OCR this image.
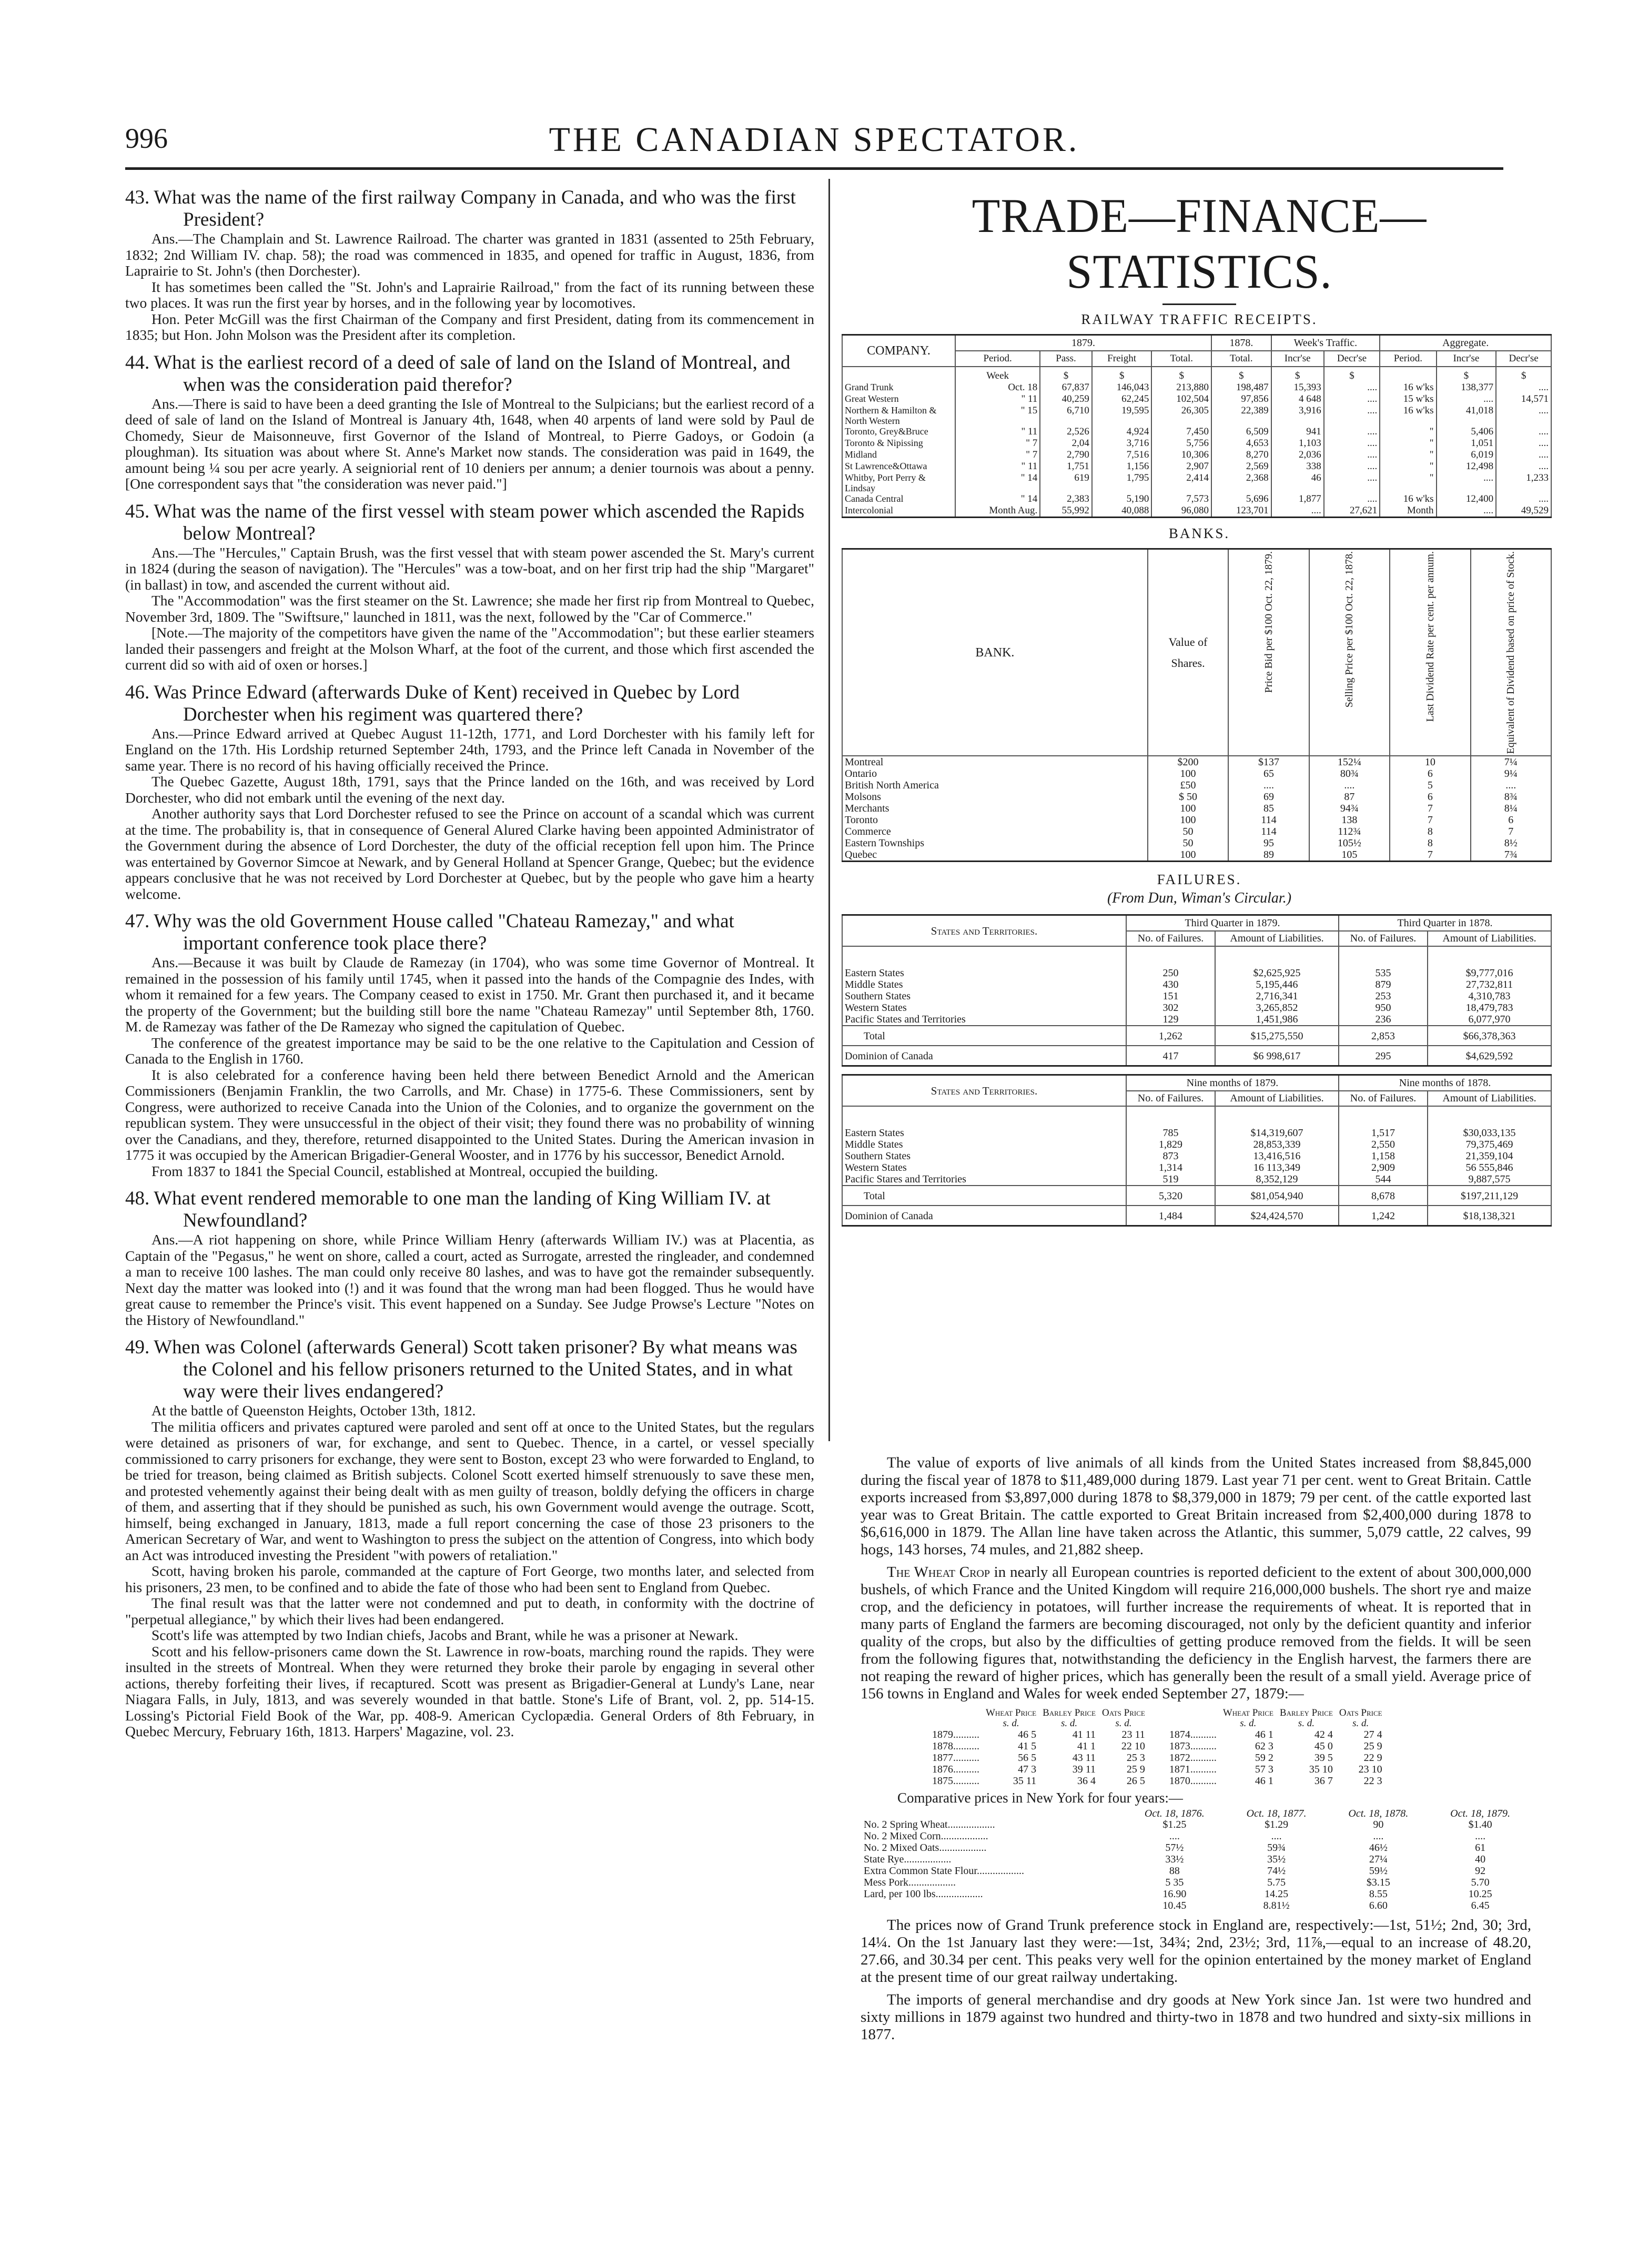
996	THE CANADIAN SPECTATOR.
43. What was the name of the first railway Company in Canada, and who was the first President?

Ans.—The Champlain and St. Lawrence Railroad. The charter was granted in 1831 (assented to 25th February, 1832; 2nd William IV. chap. 58); the road was commenced in 1835, and opened for traffic in August, 1836, from Laprairie to St. John's (then Dorchester).

It has sometimes been called the "St. John's and Laprairie Railroad," from the fact of its running between these two places. It was run the first year by horses, and in the following year by locomotives.

Hon. Peter McGill was the first Chairman of the Company and first President, dating from its commencement in 1835; but Hon. John Molson was the President after its completion.

44. What is the earliest record of a deed of sale of land on the Island of Montreal, and when was the consideration paid therefor?

Ans.—There is said to have been a deed granting the Isle of Montreal to the Sulpicians; but the earliest record of a deed of sale of land on the Island of Montreal is January 4th, 1648, when 40 arpents of land were sold by Paul de Chomedy, Sieur de Maisonneuve, first Governor of the Island of Montreal, to Pierre Gadoys, or Godoin (a ploughman). Its situation was about where St. Anne's Market now stands. The consideration was paid in 1649, the amount being ¼ sou per acre yearly. A seigniorial rent of 10 deniers per annum; a denier tournois was about a penny. [One correspondent says that "the consideration was never paid."]

45. What was the name of the first vessel with steam power which ascended the Rapids below Montreal?

Ans.—The "Hercules," Captain Brush, was the first vessel that with steam power ascended the St. Mary's current in 1824 (during the season of navigation). The "Hercules" was a tow-boat, and on her first trip had the ship "Margaret" (in ballast) in tow, and ascended the current without aid.

The "Accommodation" was the first steamer on the St. Lawrence; she made her first rip from Montreal to Quebec, November 3rd, 1809. The "Swiftsure," launched in 1811, was the next, followed by the "Car of Commerce."

[Note.—The majority of the competitors have given the name of the "Accommodation"; but these earlier steamers landed their passengers and freight at the Molson Wharf, at the foot of the current, and those which first ascended the current did so with aid of oxen or horses.]

46. Was Prince Edward (afterwards Duke of Kent) received in Quebec by Lord Dorchester when his regiment was quartered there?

Ans.—Prince Edward arrived at Quebec August 11-12th, 1771, and Lord Dorchester with his family left for England on the 17th. His Lordship returned September 24th, 1793, and the Prince left Canada in November of the same year. There is no record of his having officially received the Prince.

The Quebec Gazette, August 18th, 1791, says that the Prince landed on the 16th, and was received by Lord Dorchester, who did not embark until the evening of the next day.

Another authority says that Lord Dorchester refused to see the Prince on account of a scandal which was current at the time. The probability is, that in consequence of General Alured Clarke having been appointed Administrator of the Government during the absence of Lord Dorchester, the duty of the official reception fell upon him. The Prince was entertained by Governor Simcoe at Newark, and by General Holland at Spencer Grange, Quebec; but the evidence appears conclusive that he was not received by Lord Dorchester at Quebec, but by the people who gave him a hearty welcome.

47. Why was the old Government House called "Chateau Ramezay," and what important conference took place there?

Ans.—Because it was built by Claude de Ramezay (in 1704), who was some time Governor of Montreal. It remained in the possession of his family until 1745, when it passed into the hands of the Compagnie des Indes, with whom it remained for a few years. The Company ceased to exist in 1750. Mr. Grant then purchased it, and it became the property of the Government; but the building still bore the name "Chateau Ramezay" until September 8th, 1760. M. de Ramezay was father of the De Ramezay who signed the capitulation of Quebec.

The conference of the greatest importance may be said to be the one relative to the Capitulation and Cession of Canada to the English in 1760.

It is also celebrated for a conference having been held there between Benedict Arnold and the American Commissioners (Benjamin Franklin, the two Carrolls, and Mr. Chase) in 1775-6. These Commissioners, sent by Congress, were authorized to receive Canada into the Union of the Colonies, and to organize the government on the republican system. They were unsuccessful in the object of their visit; they found there was no probability of winning over the Canadians, and they, therefore, returned disappointed to the United States. During the American invasion in 1775 it was occupied by the American Brigadier-General Wooster, and in 1776 by his successor, Benedict Arnold.

From 1837 to 1841 the Special Council, established at Montreal, occupied the building.

48. What event rendered memorable to one man the landing of King William IV. at Newfoundland?

Ans.—A riot happening on shore, while Prince William Henry (afterwards William IV.) was at Placentia, as Captain of the "Pegasus," he went on shore, called a court, acted as Surrogate, arrested the ringleader, and condemned a man to receive 100 lashes. The man could only receive 80 lashes, and was to have got the remainder subsequently. Next day the matter was looked into (!) and it was found that the wrong man had been flogged. Thus he would have great cause to remember the Prince's visit. This event happened on a Sunday. See Judge Prowse's Lecture "Notes on the History of Newfoundland."

49. When was Colonel (afterwards General) Scott taken prisoner? By what means was the Colonel and his fellow prisoners returned to the United States, and in what way were their lives endangered?

At the battle of Queenston Heights, October 13th, 1812.

The militia officers and privates captured were paroled and sent off at once to the United States, but the regulars were detained as prisoners of war, for exchange, and sent to Quebec. Thence, in a cartel, or vessel specially commissioned to carry prisoners for exchange, they were sent to Boston, except 23 who were forwarded to England, to be tried for treason, being claimed as British subjects. Colonel Scott exerted himself strenuously to save these men, and protested vehemently against their being dealt with as men guilty of treason, boldly defying the officers in charge of them, and asserting that if they should be punished as such, his own Government would avenge the outrage. Scott, himself, being exchanged in January, 1813, made a full report concerning the case of those 23 prisoners to the American Secretary of War, and went to Washington to press the subject on the attention of Congress, into which body an Act was introduced investing the President "with powers of retaliation."

Scott, having broken his parole, commanded at the capture of Fort George, two months later, and selected from his prisoners, 23 men, to be confined and to abide the fate of those who had been sent to England from Quebec.

The final result was that the latter were not condemned and put to death, in conformity with the doctrine of "perpetual allegiance," by which their lives had been endangered.

Scott's life was attempted by two Indian chiefs, Jacobs and Brant, while he was a prisoner at Newark.

Scott and his fellow-prisoners came down the St. Lawrence in row-boats, marching round the rapids. They were insulted in the streets of Montreal. When they were returned they broke their parole by engaging in several other actions, thereby forfeiting their lives, if recaptured. Scott was present as Brigadier-General at Lundy's Lane, near Niagara Falls, in July, 1813, and was severely wounded in that battle. Stone's Life of Brant, vol. 2, pp. 514-15. Lossing's Pictorial Field Book of the War, pp. 408-9. American Cyclopædia. General Orders of 8th February, in Quebec Mercury, February 16th, 1813. Harpers' Magazine, vol. 23.

TRADE—FINANCE—STATISTICS.
RAILWAY TRAFFIC RECEIPTS.
COMPANY.	1879.				1878.	Week's Traffic.		Aggregate.		
	Period.	Pass.	Freight	Total.	Total.	Incr'se	Decr'se	Period.	Incr'se	Decr'se
	Week	$	$	$	$	$	$		$	$
Grand Trunk	Oct. 18	67,837	146,043	213,880	198,487	15,393	....	16 w'ks	138,377	....
Great Western	" 11	40,259	62,245	102,504	97,856	4 648	....	15 w'ks	....	14,571
Northern & Hamilton & North Western	" 15	6,710	19,595	26,305	22,389	3,916	....	16 w'ks	41,018	....
Toronto, Grey&Bruce	" 11	2,526	4,924	7,450	6,509	941	....	"	5,406	....
Toronto & Nipissing	" 7	2,04	3,716	5,756	4,653	1,103	....	"	1,051	....
Midland	" 7	2,790	7,516	10,306	8,270	2,036	....	"	6,019	....
St Lawrence&Ottawa	" 11	1,751	1,156	2,907	2,569	338	....	"	12,498	....
Whitby, Port Perry & Lindsay	" 14	619	1,795	2,414	2,368	46	....	"	....	1,233
Canada Central	" 14	2,383	5,190	7,573	5,696	1,877	....	16 w'ks	12,400	....
Intercolonial	Month Aug.	55,992	40,088	96,080	123,701	....	27,621	Month	....	49,529
BANKS.
BANK.	Value of Shares.	Price Bid per $100 Oct. 22, 1879.	Selling Price per $100 Oct. 22, 1878.	Last Dividend Rate per cent. per annum.	Equivalent of Dividend based on price of Stock.

Montreal	$200	$137	152¼	10	7¼
Ontario	100	65	80¾	6	9¼
British North America	£50	....	....	5	....
Molsons	$ 50	69	87	6	8¾
Merchants	100	85	94¾	7	8¼
Toronto	100	114	138	7	6
Commerce	50	114	112¾	8	7
Eastern Townships	50	95	105½	8	8½
Quebec	100	89	105	7	7¾
FAILURES.
(From Dun, Wiman's Circular.)
States and Territories.	Third Quarter in 1879.		Third Quarter in 1878.	
	No. of Failures.	Amount of Liabilities.	No. of Failures.	Amount of Liabilities.

Eastern States	250	$2,625,925	535	$9,777,016
Middle States	430	5,195,446	879	27,732,811
Southern States	151	2,716,341	253	4,310,783
Western States	302	3,265,852	950	18,479,783
Pacific States and Territories	129	1,451,986	236	6,077,970
Total	1,262	$15,275,550	2,853	$66,378,363
Dominion of Canada	417	$6 998,617	295	$4,629,592
States and Territories.	Nine months of 1879.		Nine months of 1878.	
	No. of Failures.	Amount of Liabilities.	No. of Failures.	Amount of Liabilities.

Eastern States	785	$14,319,607	1,517	$30,033,135
Middle States	1,829	28,853,339	2,550	79,375,469
Southern States	873	13,416,516	1,158	21,359,104
Western States	1,314	16 113,349	2,909	56 555,846
Pacific Stares and Territories	519	8,352,129	544	9,887,575
Total	5,320	$81,054,940	8,678	$197,211,129
Dominion of Canada	1,484	$24,424,570	1,242	$18,138,321

The value of exports of live animals of all kinds from the United States increased from $8,845,000 during the fiscal year of 1878 to $11,489,000 during 1879. Last year 71 per cent. went to Great Britain. Cattle exports increased from $3,897,000 during 1878 to $8,379,000 in 1879; 79 per cent. of the cattle exported last year was to Great Britain. The cattle exported to Great Britain increased from $2,400,000 during 1878 to $6,616,000 in 1879. The Allan line have taken across the Atlantic, this summer, 5,079 cattle, 22 calves, 99 hogs, 143 horses, 74 mules, and 21,882 sheep.

The Wheat Crop in nearly all European countries is reported deficient to the extent of about 300,000,000 bushels, of which France and the United Kingdom will require 216,000,000 bushels. The short rye and maize crop, and the deficiency in potatoes, will further increase the requirements of wheat. It is reported that in many parts of England the farmers are becoming discouraged, not only by the deficient quantity and inferior quality of the crops, but also by the difficulties of getting produce removed from the fields. It will be seen from the following figures that, notwithstanding the deficiency in the English harvest, the farmers there are not reaping the reward of higher prices, which has generally been the result of a small yield. Average price of 156 towns in England and Wales for week ended September 27, 1879:—

	Wheat Price	Barley Price	Oats Price		Wheat Price	Barley Price	Oats Price
	s. d.	s. d.	s. d.		s. d.	s. d.	s. d.
1879..........	46 5	41 11	23 11	1874..........	46 1	42 4	27 4
1878..........	41 5	41 1	22 10	1873..........	62 3	45 0	25 9
1877..........	56 5	43 11	25 3	1872..........	59 2	39 5	22 9
1876..........	47 3	39 11	25 9	1871..........	57 3	35 10	23 10
1875..........	35 11	36 4	26 5	1870..........	46 1	36 7	22 3
Comparative prices in New York for four years:—
	Oct. 18, 1876.	Oct. 18, 1877.	Oct. 18, 1878.	Oct. 18, 1879.
No. 2 Spring Wheat..................	$1.25	$1.29	90	$1.40
No. 2 Mixed Corn..................	....	....	....	....
No. 2 Mixed Oats..................	57½	59¾	46½	61
State Rye..................	33½	35½	27¼	40
Extra Common State Flour..................	88	74½	59½	92
Mess Pork..................	5 35	5.75	$3.15	5.70
Lard, per 100 lbs..................	16.90	14.25	8.55	10.25
	10.45	8.81½	6.60	6.45

The prices now of Grand Trunk preference stock in England are, respectively:—1st, 51½; 2nd, 30; 3rd, 14¼. On the 1st January last they were:—1st, 34¾; 2nd, 23½; 3rd, 11⅞,—equal to an increase of 48.20, 27.66, and 30.34 per cent. This peaks very well for the opinion entertained by the money market of England at the present time of our great railway undertaking.

The imports of general merchandise and dry goods at New York since Jan. 1st were two hundred and sixty millions in 1879 against two hundred and thirty-two in 1878 and two hundred and sixty-six millions in 1877.
